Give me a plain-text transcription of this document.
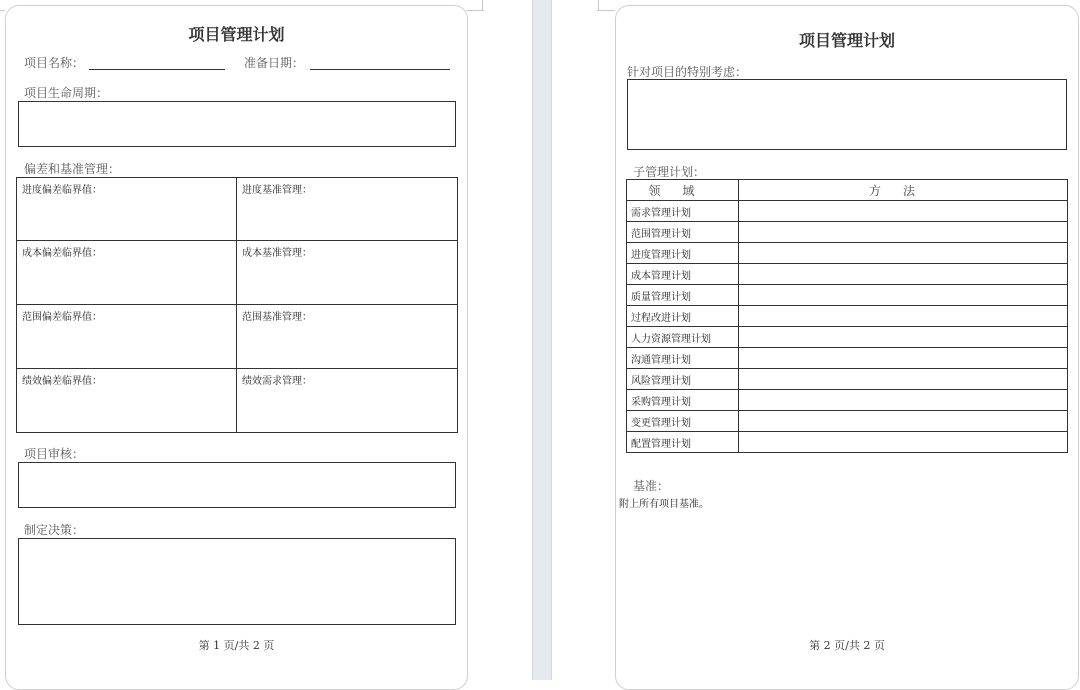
项目管理计划
项目名称：	准备日期：
项目生命周期：
偏差和基准管理：
进度偏差临界值：	进度基准管理：
成本偏差临界值：	成本基准管理：
范围偏差临界值：	范围基准管理：
绩效偏差临界值：	绩效需求管理：
项目审核：
制定决策：
第 1 页/共 2 页
项目管理计划
针对项目的特别考虑：
子管理计划：
领域	方法
需求管理计划	
范围管理计划	
进度管理计划	
成本管理计划	
质量管理计划	
过程改进计划	
人力资源管理计划	
沟通管理计划	
风险管理计划	
采购管理计划	
变更管理计划	
配置管理计划	
基准：
附上所有项目基准。
第 2 页/共 2 页
